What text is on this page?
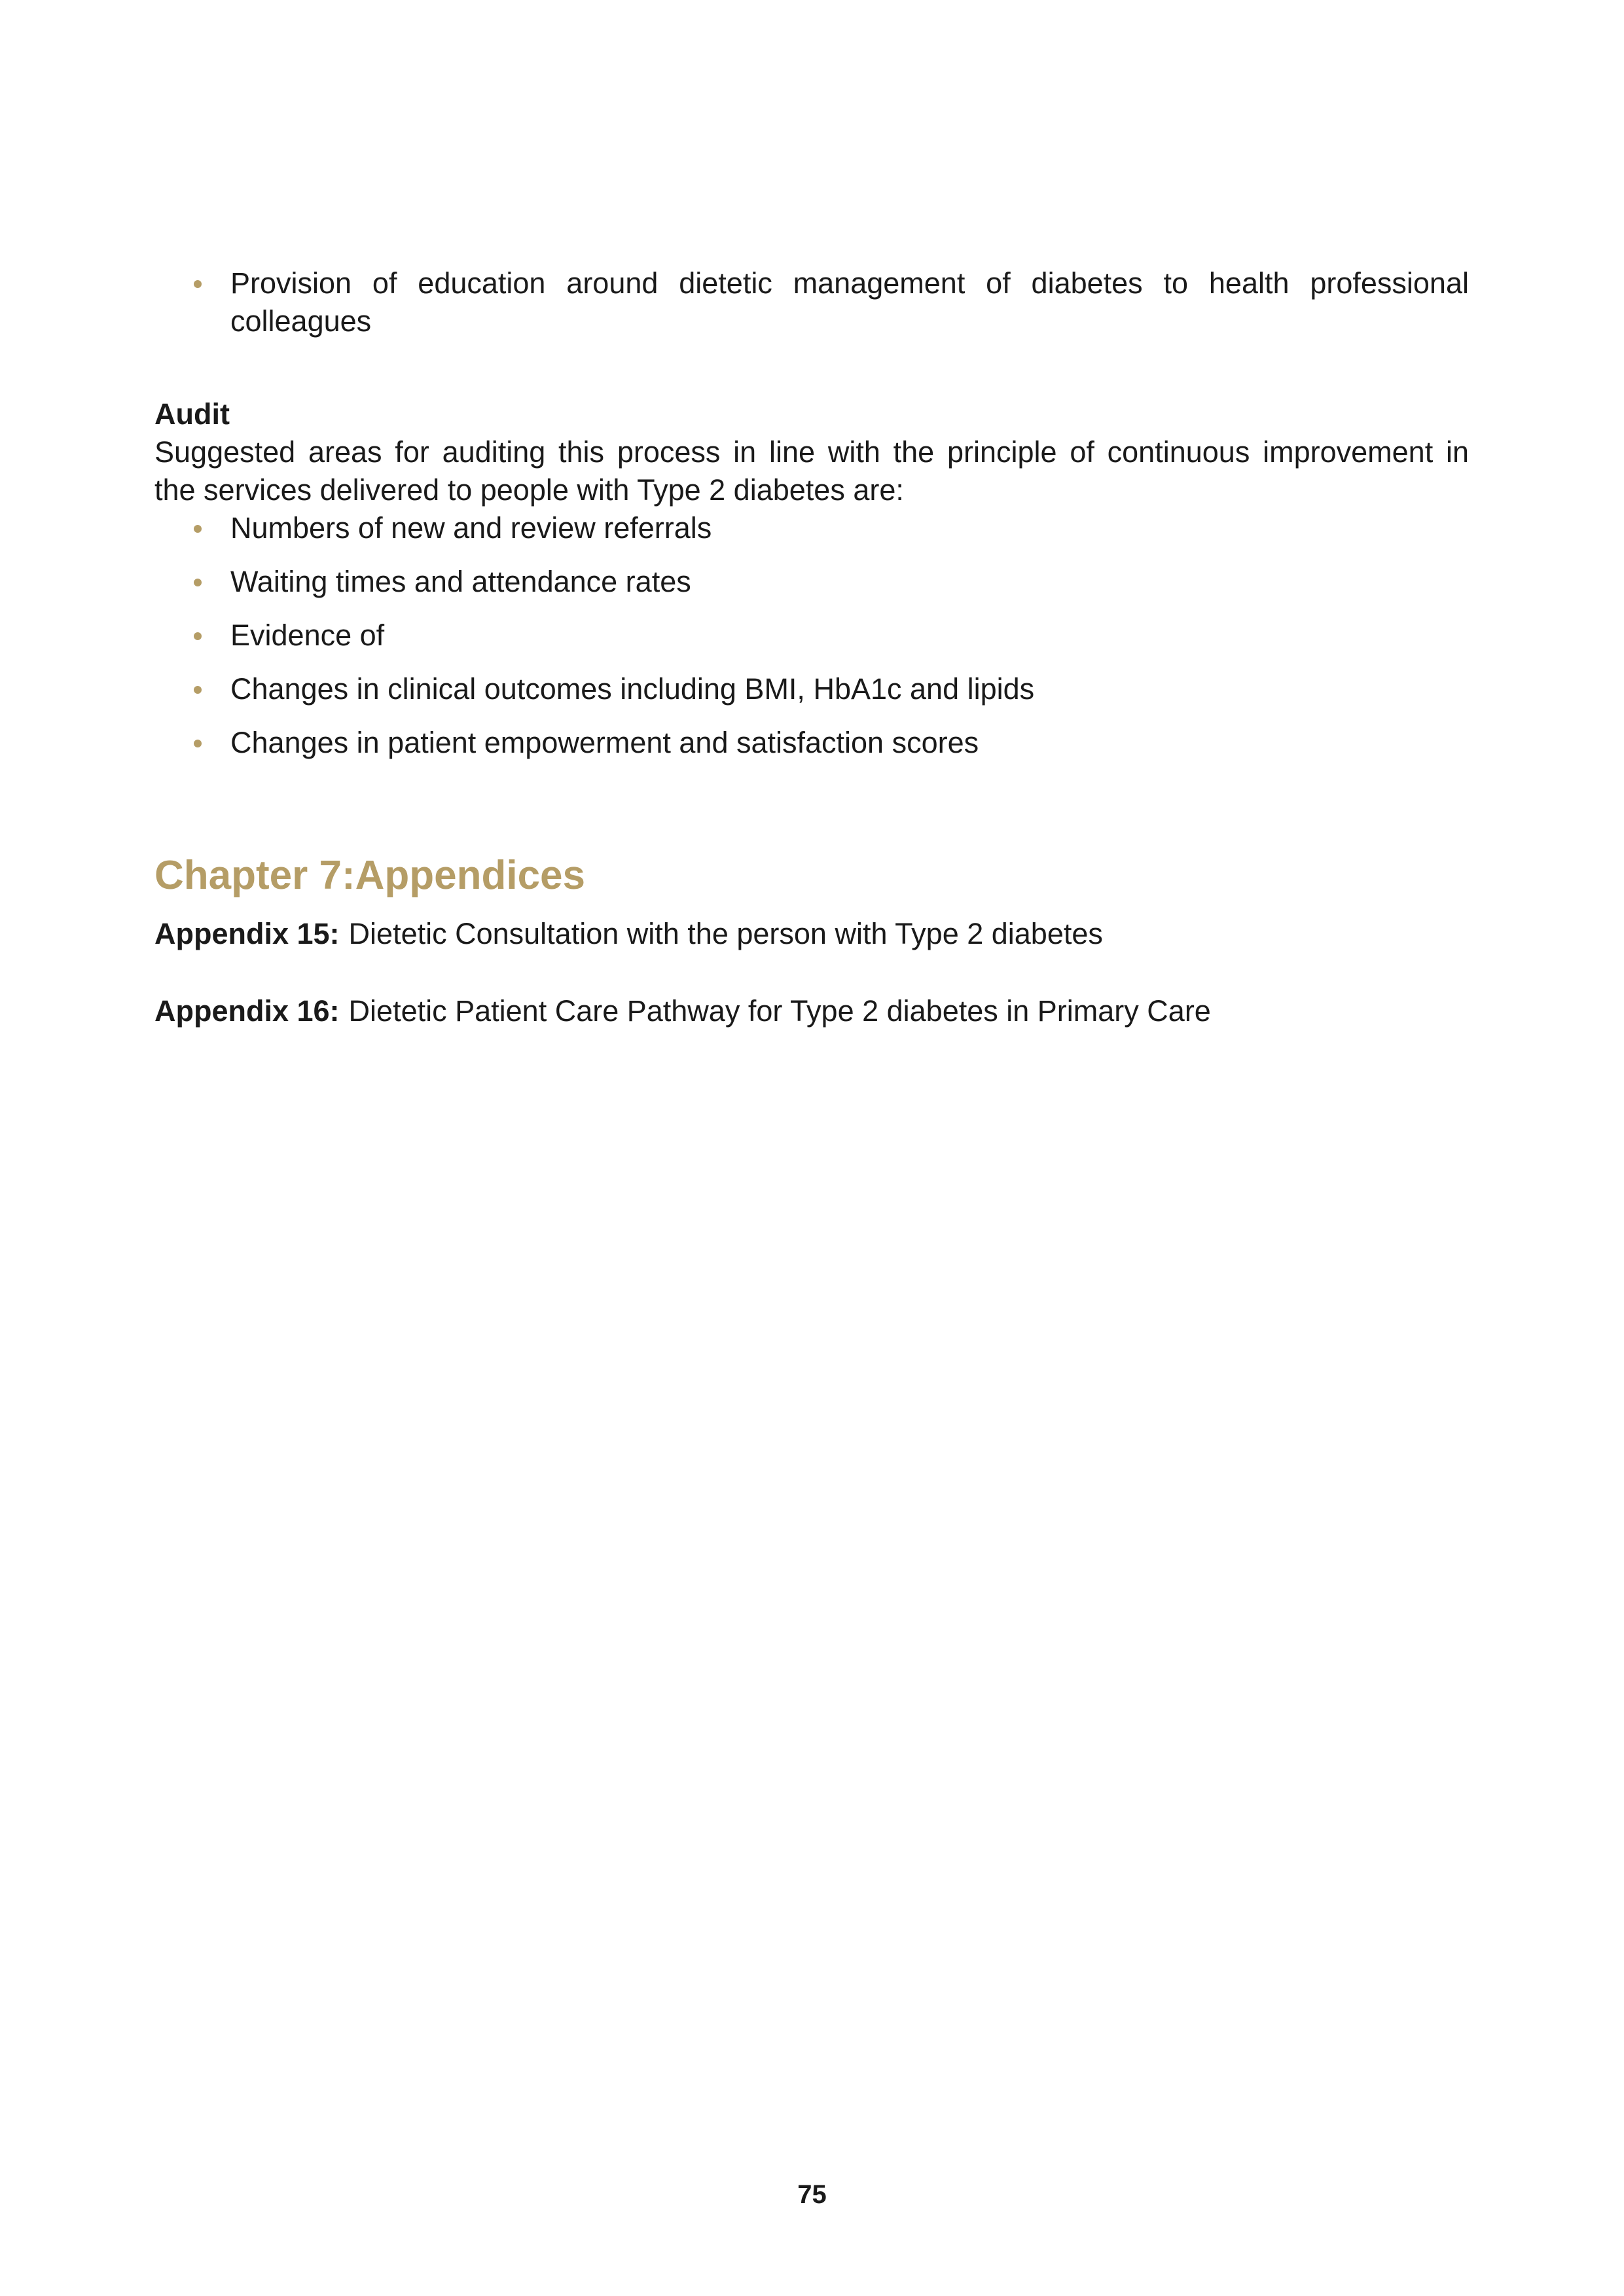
Provision of education around dietetic management of diabetes to health professional
colleagues
Audit
Suggested areas for auditing this process in line with the principle of continuous improvement in
the services delivered to people with Type 2 diabetes are:
Numbers of new and review referrals
Waiting times and attendance rates
Evidence of
Changes in clinical outcomes including BMI, HbA1c and lipids
Changes in patient empowerment and satisfaction scores
Chapter 7:Appendices
Appendix 15: Dietetic Consultation with the person with Type 2 diabetes
Appendix 16: Dietetic Patient Care Pathway for Type 2 diabetes in Primary Care
75
